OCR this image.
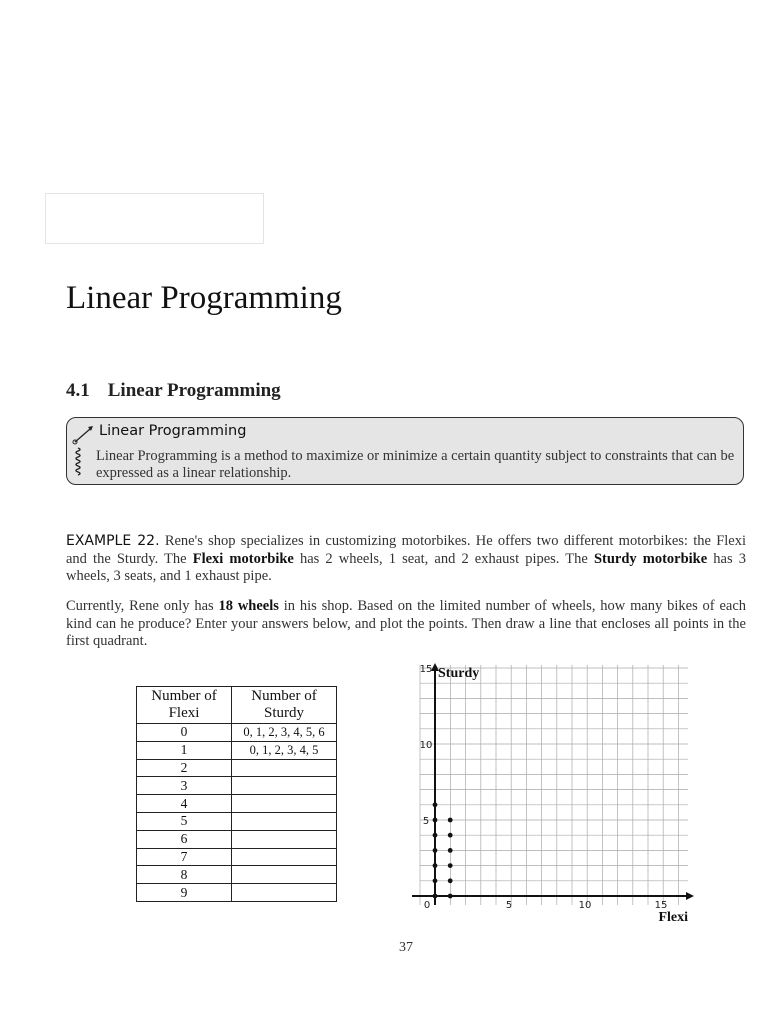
Linear Programming
4.1 Linear Programming
Linear Programming
Linear Programming is a method to maximize or minimize a certain quantity subject to constraints that can be expressed as a linear relationship.

EXAMPLE 22. Rene's shop specializes in customizing motorbikes. He offers two different motorbikes: the Flexi and the Sturdy. The Flexi motorbike has 2 wheels, 1 seat, and 2 exhaust pipes. The Sturdy motorbike has 3 wheels, 3 seats, and 1 exhaust pipe.

Currently, Rene only has 18 wheels in his shop. Based on the limited number of wheels, how many bikes of each kind can he produce? Enter your answers below, and plot the points. Then draw a line that encloses all points in the first quadrant.

Number of Flexi	Number of Sturdy
0	0, 1, 2, 3, 4, 5, 6
1	0, 1, 2, 3, 4, 5
2	
3	
4	
5	
6	
7	
8	
9	
0	5	10	15
5
10
15 Sturdy
Flexi
37
